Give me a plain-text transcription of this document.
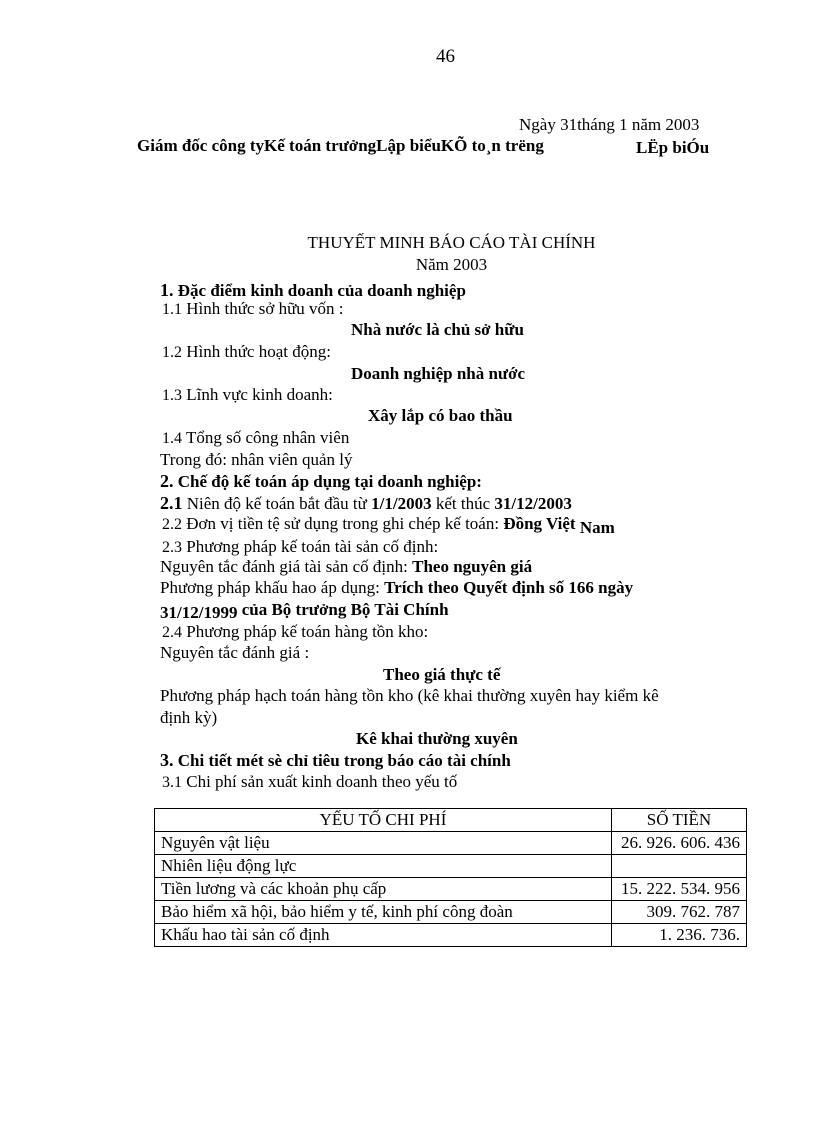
46
Ngày 31tháng 1 năm 2003
Giám đốc công tyKế toán trưởngLập biểuKÕ to¸n trëng	LËp biÓu
THUYẾT MINH BÁO CÁO TÀI CHÍNH
Năm 2003
1. Đặc điểm kinh doanh của doanh nghiệp
1.1 Hình thức sở hữu vốn :
Nhà nước là chủ sở hữu
1.2 Hình thức hoạt động:
Doanh nghiệp nhà nước
1.3 Lĩnh vực kinh doanh:
Xây lắp có bao thầu
1.4 Tổng số công nhân viên
Trong đó: nhân viên quản lý
2. Chế độ kế toán áp dụng tại doanh nghiệp:
2.1 Niên độ kế toán bắt đầu từ 1/1/2003 kết thúc 31/12/2003
2.2 Đơn vị tiền tệ sử dụng trong ghi chép kế toán: Đồng Việt Nam
2.3 Phương pháp kế toán tài sản cố định:
Nguyên tắc đánh giá tài sản cố định: Theo nguyên giá
Phương pháp khấu hao áp dụng: Trích theo Quyết định số 166 ngày
31/12/1999 của Bộ trưởng Bộ Tài Chính
2.4 Phương pháp kế toán hàng tồn kho:
Nguyên tắc đánh giá :
Theo giá thực tế
Phương pháp hạch toán hàng tồn kho (kê khai thường xuyên hay kiểm kê
định kỳ)
Kê khai thường xuyên
3. Chi tiết mét sè chỉ tiêu trong báo cáo tài chính
3.1 Chi phí sản xuất kinh doanh theo yếu tố
YẾU TỐ CHI PHÍ	SỐ TIỀN
Nguyên vật liệu	26. 926. 606. 436
Nhiên liệu động lực	
Tiền lương và các khoản phụ cấp	15. 222. 534. 956
Bảo hiểm xã hội, bảo hiểm y tế, kinh phí công đoàn	309. 762. 787
Khấu hao tài sản cố định	1. 236. 736.
